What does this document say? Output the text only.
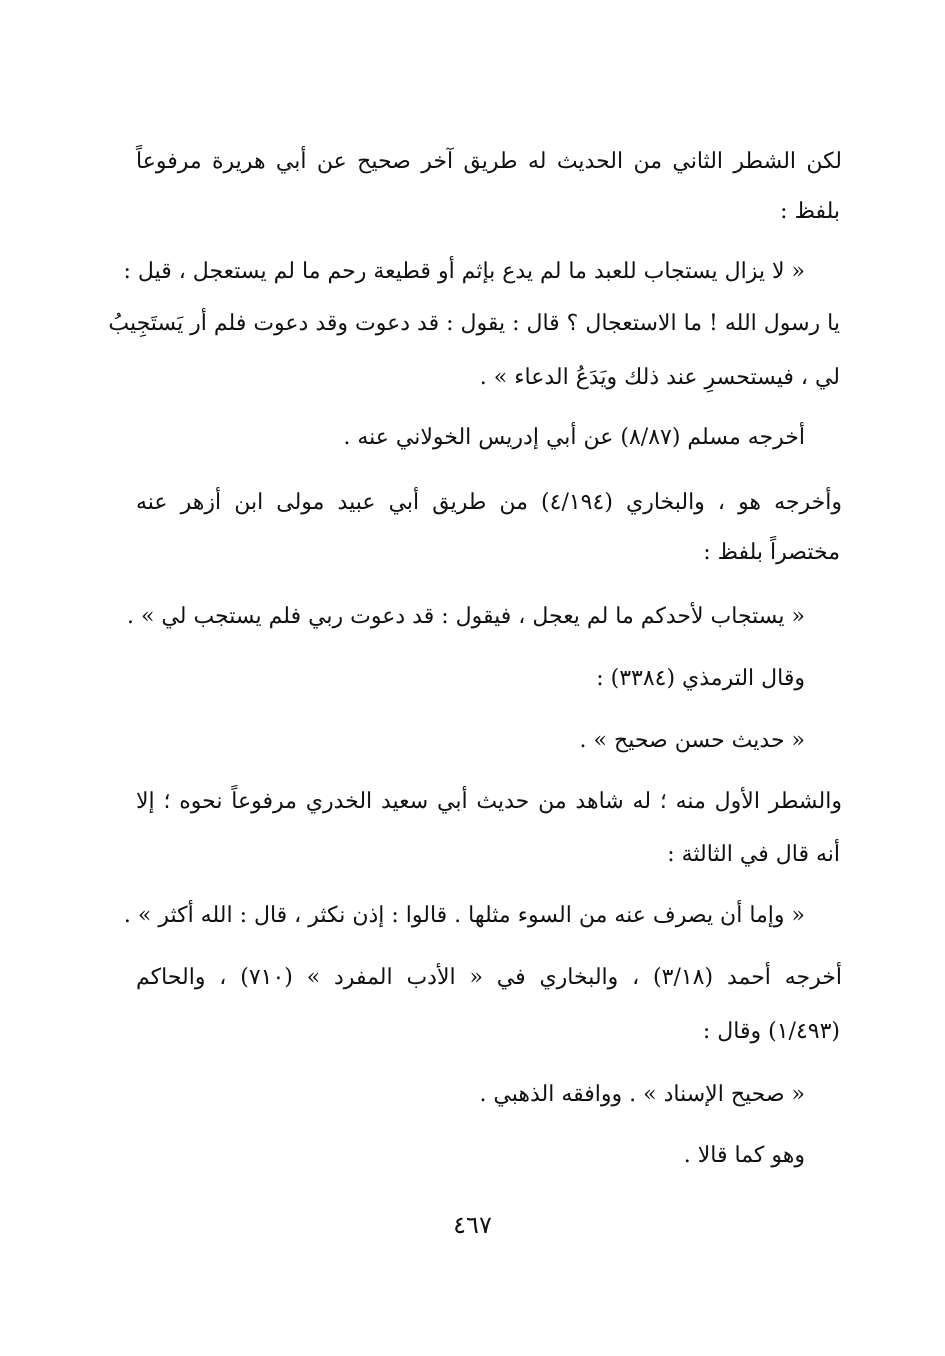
لكن الشطر الثاني من الحديث له طريق آخر صحيح عن أبي هريرة مرفوعاً
بلفظ :
« لا يزال يستجاب للعبد ما لم يدع بإثم أو قطيعة رحم ما لم يستعجل ، قيل :
يا رسول الله ! ما الاستعجال ؟ قال : يقول : قد دعوت وقد دعوت فلم أر يَستَجِيبُ
لي ، فيستحسرِ عند ذلك ويَدَعُ الدعاء » .
أخرجه مسلم (٨/٨٧) عن أبي إدريس الخولاني عنه .
وأخرجه هو ، والبخاري (٤/١٩٤) من طريق أبي عبيد مولى ابن أزهر عنه
مختصراً بلفظ :
« يستجاب لأحدكم ما لم يعجل ، فيقول : قد دعوت ربي فلم يستجب لي » .
وقال الترمذي (٣٣٨٤) :
« حديث حسن صحيح » .
والشطر الأول منه ؛ له شاهد من حديث أبي سعيد الخدري مرفوعاً نحوه ؛ إلا
أنه قال في الثالثة :
« وإما أن يصرف عنه من السوء مثلها . قالوا : إذن نكثر ، قال : الله أكثر » .
أخرجه أحمد (٣/١٨) ، والبخاري في « الأدب المفرد » (٧١٠) ، والحاكم
(١/٤٩٣) وقال :
« صحيح الإسناد » . ووافقه الذهبي .
وهو كما قالا .
٤٦٧
